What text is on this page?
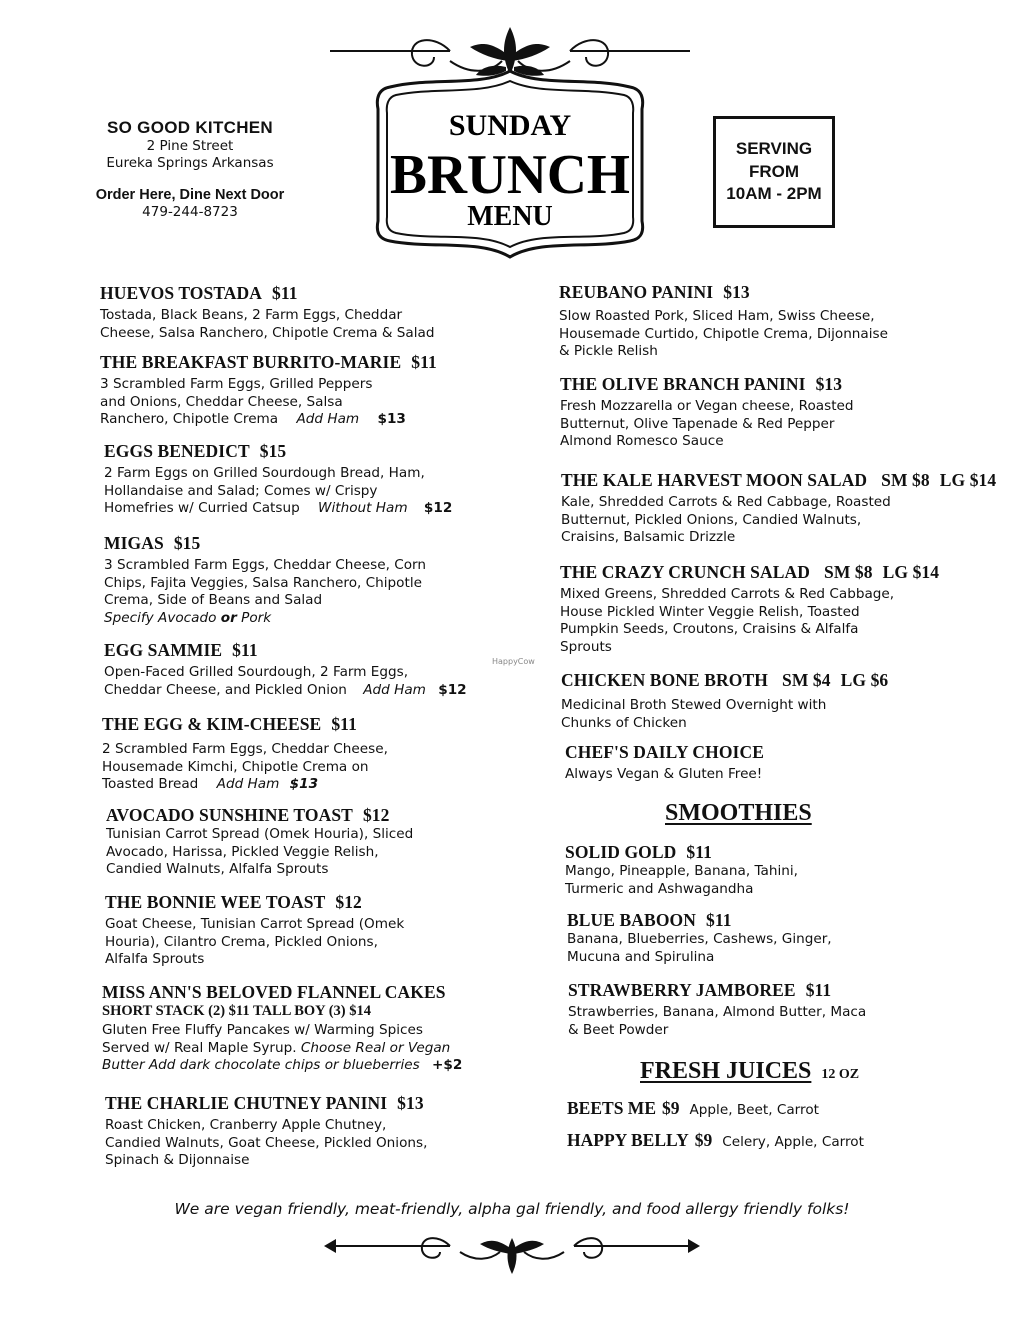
SUNDAY
BRUNCH
MENU
SO GOOD KITCHEN
2 Pine Street
Eureka Springs Arkansas
Order Here, Dine Next Door
479-244-8723
SERVING
FROM
10AM - 2PM
HUEVOS TOSTADA $11
Tostada, Black Beans, 2 Farm Eggs, Cheddar
Cheese, Salsa Ranchero, Chipotle Crema & Salad
THE BREAKFAST BURRITO-MARIE $11
3 Scrambled Farm Eggs, Grilled Peppers
and Onions, Cheddar Cheese, Salsa
Ranchero, Chipotle Crema Add Ham $13
EGGS BENEDICT $15
2 Farm Eggs on Grilled Sourdough Bread, Ham,
Hollandaise and Salad; Comes w/ Crispy
Homefries w/ Curried Catsup Without Ham $12
MIGAS $15
3 Scrambled Farm Eggs, Cheddar Cheese, Corn
Chips, Fajita Veggies, Salsa Ranchero, Chipotle
Crema, Side of Beans and Salad
Specify Avocado or Pork
EGG SAMMIE $11
Open-Faced Grilled Sourdough, 2 Farm Eggs,
Cheddar Cheese, and Pickled Onion Add Ham $12
THE EGG & KIM-CHEESE $11
2 Scrambled Farm Eggs, Cheddar Cheese,
Housemade Kimchi, Chipotle Crema on
Toasted Bread Add Ham $13
AVOCADO SUNSHINE TOAST $12
Tunisian Carrot Spread (Omek Houria), Sliced
Avocado, Harissa, Pickled Veggie Relish,
Candied Walnuts, Alfalfa Sprouts
THE BONNIE WEE TOAST $12
Goat Cheese, Tunisian Carrot Spread (Omek
Houria), Cilantro Crema, Pickled Onions,
Alfalfa Sprouts
MISS ANN'S BELOVED FLANNEL CAKES
SHORT STACK (2) $11 TALL BOY (3) $14
Gluten Free Fluffy Pancakes w/ Warming Spices
Served w/ Real Maple Syrup. Choose Real or Vegan
Butter Add dark chocolate chips or blueberries +$2
THE CHARLIE CHUTNEY PANINI $13
Roast Chicken, Cranberry Apple Chutney,
Candied Walnuts, Goat Cheese, Pickled Onions,
Spinach & Dijonnaise
REUBANO PANINI $13
Slow Roasted Pork, Sliced Ham, Swiss Cheese,
Housemade Curtido, Chipotle Crema, Dijonnaise
& Pickle Relish
THE OLIVE BRANCH PANINI $13
Fresh Mozzarella or Vegan cheese, Roasted
Butternut, Olive Tapenade & Red Pepper
Almond Romesco Sauce
THE KALE HARVEST MOON SALAD SM $8 LG $14
Kale, Shredded Carrots & Red Cabbage, Roasted
Butternut, Pickled Onions, Candied Walnuts,
Craisins, Balsamic Drizzle
THE CRAZY CRUNCH SALAD SM $8 LG $14
Mixed Greens, Shredded Carrots & Red Cabbage,
House Pickled Winter Veggie Relish, Toasted
Pumpkin Seeds, Croutons, Craisins & Alfalfa
Sprouts
CHICKEN BONE BROTH SM $4 LG $6
Medicinal Broth Stewed Overnight with
Chunks of Chicken
CHEF'S DAILY CHOICE
Always Vegan & Gluten Free!
SMOOTHIES
SOLID GOLD $11
Mango, Pineapple, Banana, Tahini,
Turmeric and Ashwagandha
BLUE BABOON $11
Banana, Blueberries, Cashews, Ginger,
Mucuna and Spirulina
STRAWBERRY JAMBOREE $11
Strawberries, Banana, Almond Butter, Maca
& Beet Powder
FRESH JUICES 12 OZ
BEETS ME $9 Apple, Beet, Carrot
HAPPY BELLY $9 Celery, Apple, Carrot
HappyCow
We are vegan friendly, meat-friendly, alpha gal friendly, and food allergy friendly folks!
